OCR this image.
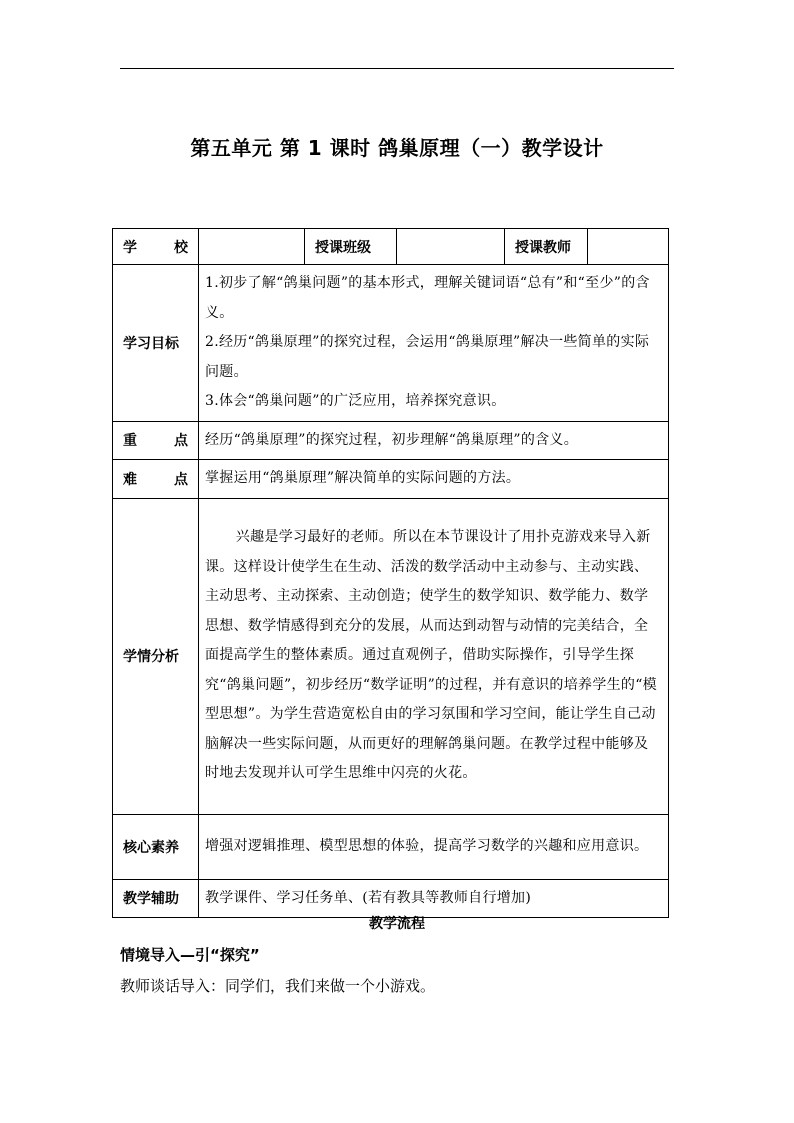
第五单元 第 1 课时 鸽巢原理（一）教学设计
学 校		授课班级		授课教师	
学习目标	1.初步了解“鸽巢问题”的基本形式，理解关键词语“总有”和“至少”的含义。

2.经历“鸽巢原理”的探究过程，会运用“鸽巢原理”解决一些简单的实际问题。

3.体会“鸽巢问题”的广泛应用，培养探究意识。				

重 点	经历“鸽巢原理”的探究过程，初步理解“鸽巢原理”的含义。				

难 点	掌握运用“鸽巢原理”解决简单的实际问题的方法。				
学情分析	兴趣是学习最好的老师。所以在本节课设计了用扑克游戏来导入新课。这样设计使学生在生动、活泼的数学活动中主动参与、主动实践、主动思考、主动探索、主动创造；使学生的数学知识、数学能力、数学思想、数学情感得到充分的发展，从而达到动智与动情的完美结合，全面提高学生的整体素质。通过直观例子，借助实际操作，引导学生探究“鸽巢问题”，初步经历“数学证明”的过程，并有意识的培养学生的“模型思想”。为学生营造宽松自由的学习氛围和学习空间，能让学生自己动脑解决一些实际问题，从而更好的理解鸽巢问题。在教学过程中能够及时地去发现并认可学生思维中闪亮的火花。				

核心素养	增强对逻辑推理、模型思想的体验，提高学习数学的兴趣和应用意识。				
教学辅助	教学课件、学习任务单、(若有教具等教师自行增加)				
教学流程
情境导入—引“探究”
教师谈话导入：同学们，我们来做一个小游戏。
